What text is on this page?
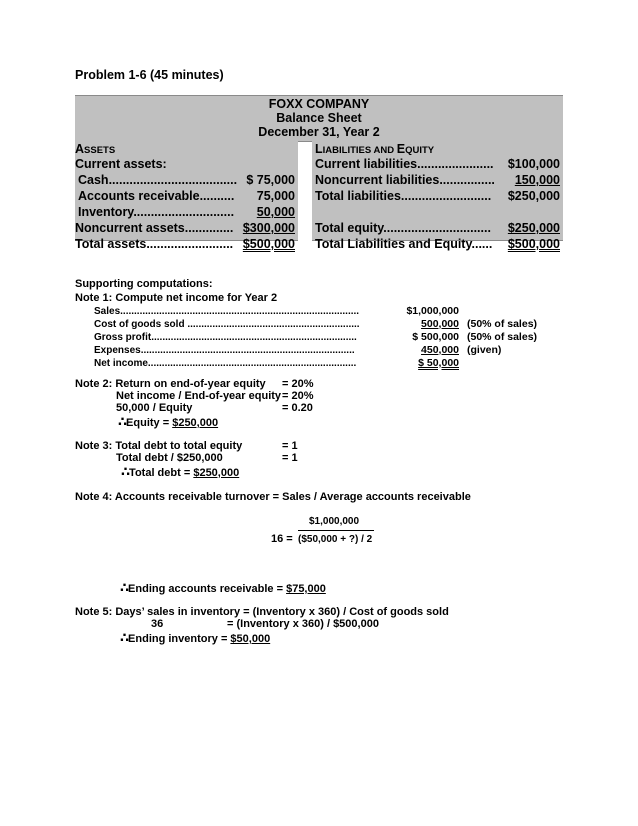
Problem 1-6 (45 minutes)
FOXX COMPANY
Balance Sheet
December 31, Year 2
ASSETS
Current assets:
Cash..................................... $ 75,000
Accounts receivable.......... 75,000
Inventory............................. 50,000
Noncurrent assets.............. $300,000
Total assets......................... $500,000
LIABILITIES AND EQUITY
Current liabilities...................... $100,000
Noncurrent liabilities................ 150,000
Total liabilities.......................... $250,000
Total equity............................... $250,000
Total Liabilities and Equity...... $500,000
Supporting computations:
Note 1: Compute net income for Year 2
Sales......................................................................................	$1,000,000
Cost of goods sold ..............................................................	500,000 (50% of sales)
Gross profit..........................................................................	$ 500,000 (50% of sales)
Expenses.............................................................................	450,000 (given)
Net income...........................................................................	$ 50,000
Note 2: Return on end-of-year equity = 20%
Net income / End-of-year equity = 20%
50,000 / Equity	= 0.20
∴Equity = $250,000
Note 3: Total debt to total equity	= 1
Total debt / $250,000	= 1
∴Total debt = $250,000
Note 4: Accounts receivable turnover = Sales / Average accounts receivable
$1,000,000
16 = ($50,000 + ?) / 2
∴Ending accounts receivable = $75,000
Note 5: Days’ sales in inventory = (Inventory x 360) / Cost of goods sold
36	= (Inventory x 360) / $500,000
∴Ending inventory = $50,000
